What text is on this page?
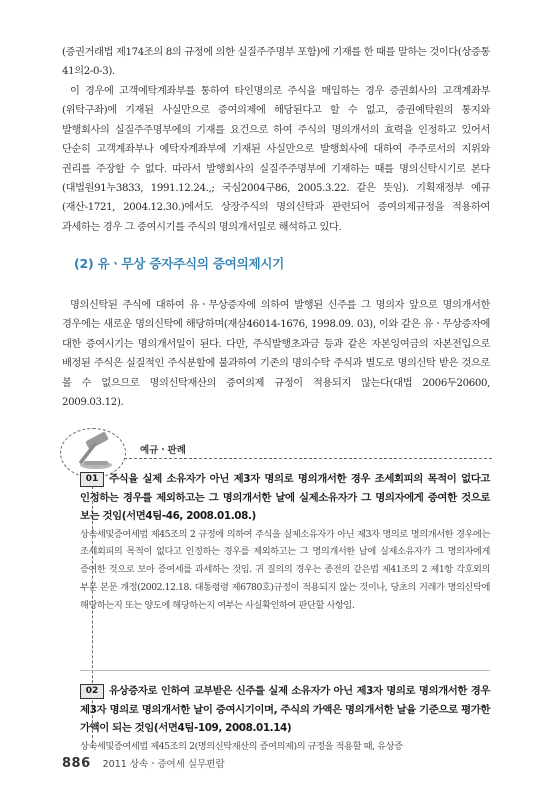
(증권거래법 제174조의 8의 규정에 의한 실질주주명부 포함)에 기재를 한 때를 말하는 것이다(상증통 41의2-0-3).

이 경우에 고객예탁계좌부를 통하여 타인명의로 주식을 매입하는 경우 증권회사의 고객계좌부(위탁구좌)에 기재된 사실만으로 증여의제에 해당된다고 할 수 없고, 증권예탁원의 통지와 발행회사의 실질주주명부에의 기재를 요건으로 하여 주식의 명의개서의 효력을 인정하고 있어서 단순히 고객계좌부나 예탁자계좌부에 기재된 사실만으로 발행회사에 대하여 주주로서의 지위와 권리를 주장할 수 없다. 따라서 발행회사의 실질주주명부에 기재하는 때를 명의신탁시기로 본다(대법원91누3833, 1991.12.24.,; 국심2004구86, 2005.3.22. 같은 뜻임). 기획재정부 예규(재산-1721, 2004.12.30.)에서도 상장주식의 명의신탁과 관련되어 증여의제규정을 적용하여 과세하는 경우 그 증여시기를 주식의 명의개서일로 해석하고 있다.

(2) 유ㆍ무상 증자주식의 증여의제시기

명의신탁된 주식에 대하여 유ㆍ무상증자에 의하여 발행된 신주를 그 명의자 앞으로 명의개서한 경우에는 새로운 명의신탁에 해당하며(재삼46014-1676, 1998.09. 03), 이와 같은 유ㆍ무상증자에 대한 증여시기는 명의개서일이 된다. 다만, 주식발행초과금 등과 같은 자본잉여금의 자본전입으로 배정된 주식은 실질적인 주식분할에 불과하여 기존의 명의수탁 주식과 별도로 명의신탁 받은 것으로 볼 수 없으므로 명의신탁재산의 증여의제 규정이 적용되지 않는다(대법 2006두20600, 2009.03.12).

예규ㆍ판례

01 주식을 실제 소유자가 아닌 제3자 명의로 명의개서한 경우 조세회피의 목적이 없다고 인정하는 경우를 제외하고는 그 명의개서한 날에 실제소유자가 그 명의자에게 증여한 것으로 보는 것임(서면4팀-46, 2008.01.08.)

상속세및증여세법 제45조의 2 규정에 의하여 주식을 실제소유자가 아닌 제3자 명의로 명의개서한 경우에는 조세회피의 목적이 없다고 인정하는 경우를 제외하고는 그 명의개서한 날에 실제소유자가 그 명의자에게 증여한 것으로 보아 증여세를 과세하는 것임. 귀 질의의 경우는 종전의 같은법 제41조의 2 제1항 각호외의 부분 본문 개정(2002.12.18. 대통령령 제6780호)규정이 적용되지 않는 것이나, 당초의 거래가 명의신탁에 해당하는지 또는 양도에 해당하는지 여부는 사실확인하여 판단할 사항임.

02 유상증자로 인하여 교부받은 신주를 실제 소유자가 아닌 제3자 명의로 명의개서한 경우 제3자 명의로 명의개서한 날이 증여시기이며, 주식의 가액은 명의개서한 날을 기준으로 평가한 가액이 되는 것임(서면4팀-109, 2008.01.14)

상속세및증여세법 제45조의 2(명의신탁재산의 증여의제)의 규정을 적용할 때, 유상증

886 2011 상속ㆍ증여세 실무편람
